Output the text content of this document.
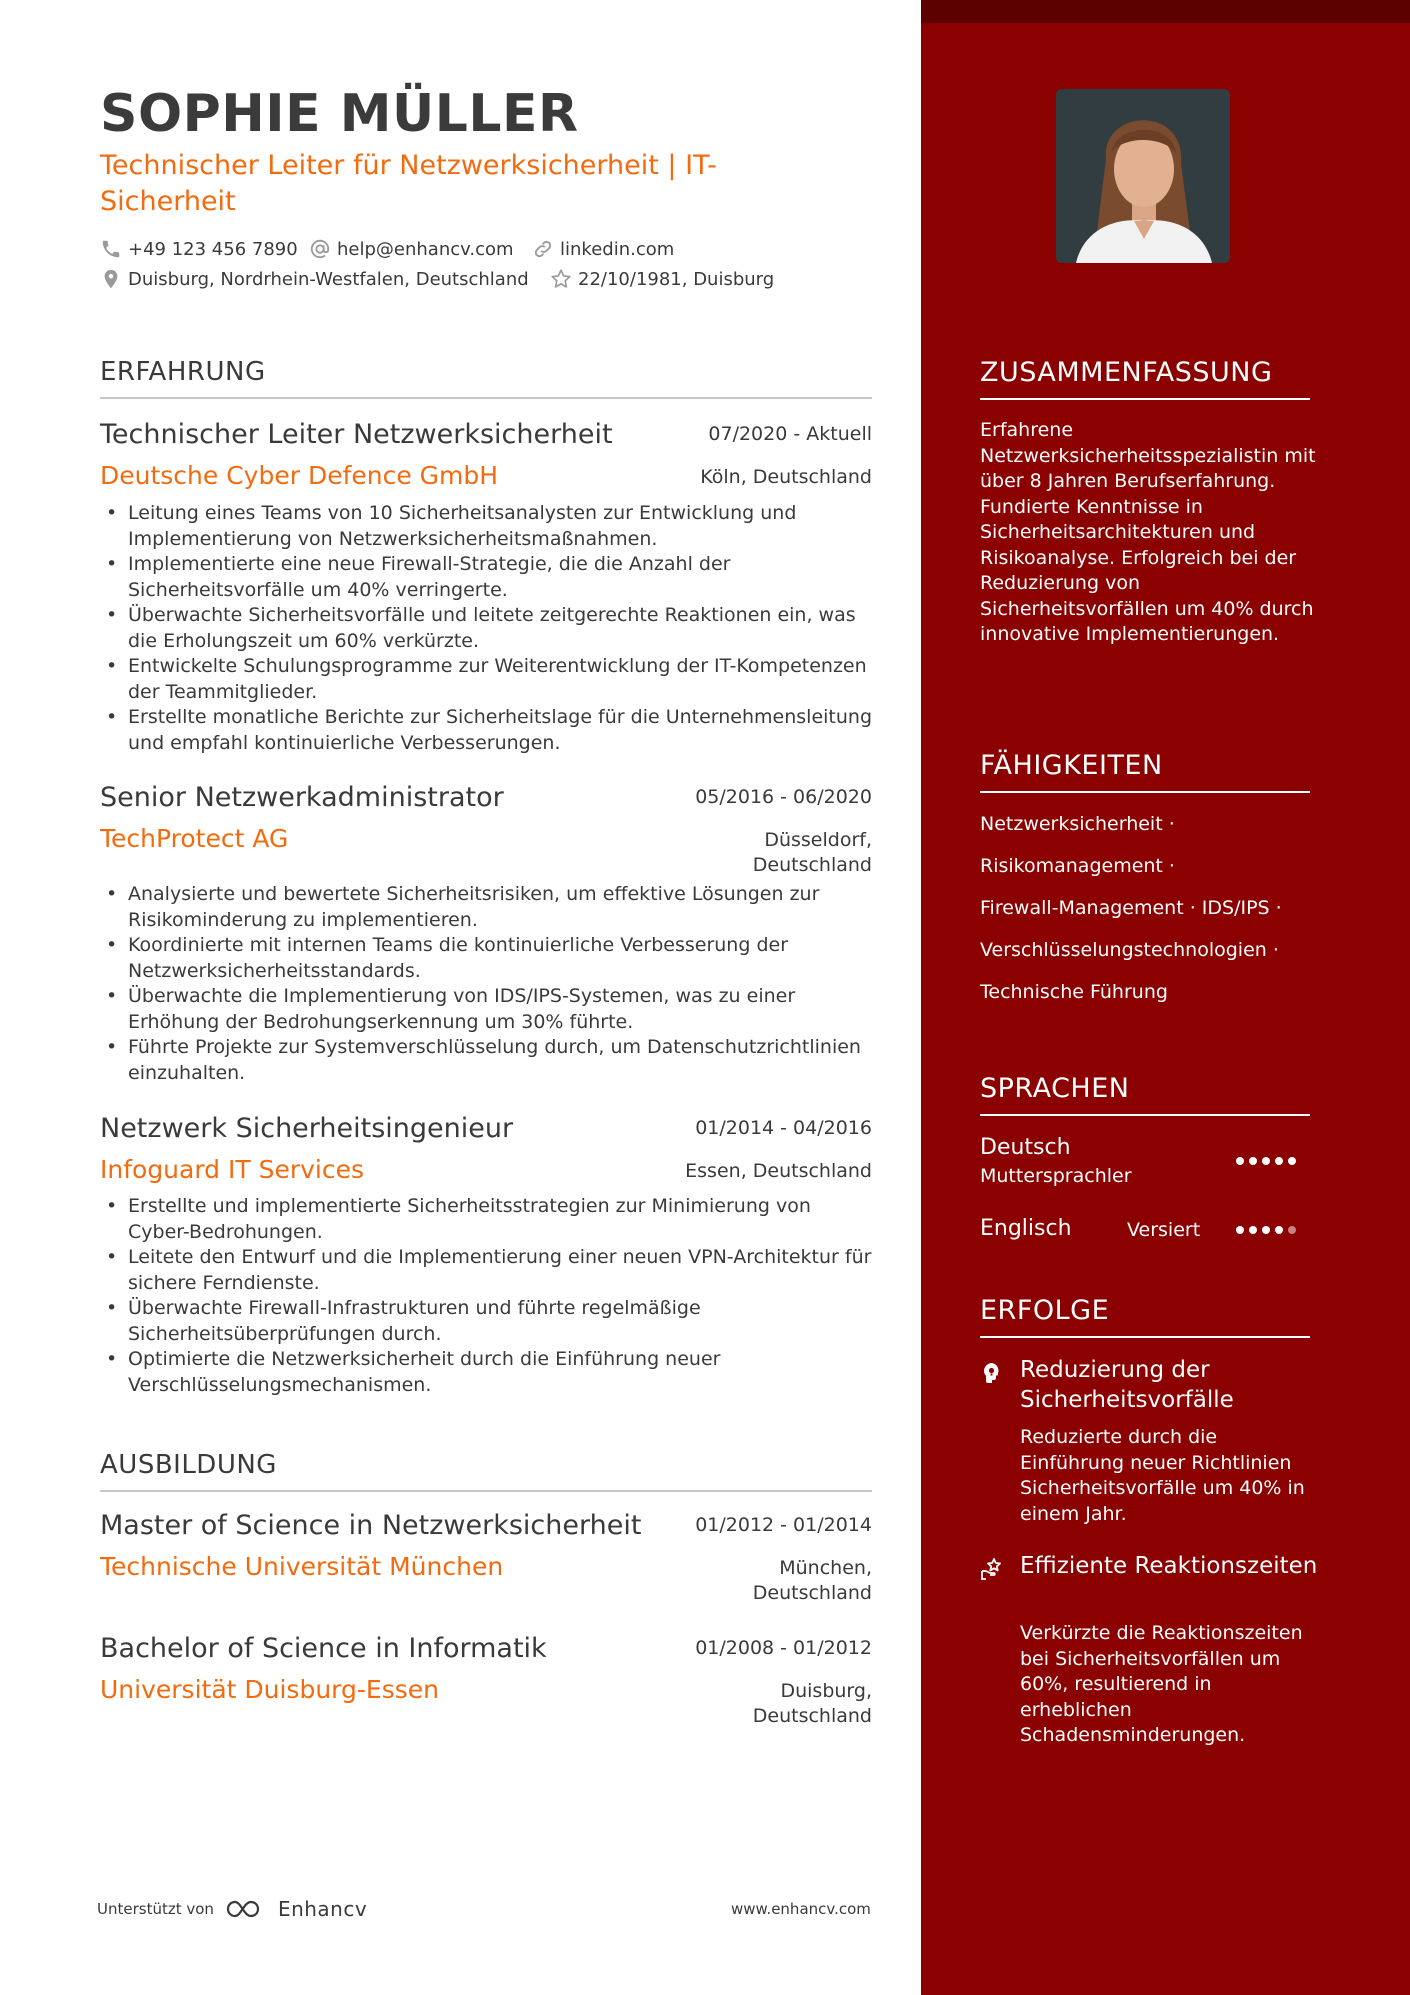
SOPHIE MÜLLER
Technischer Leiter für Netzwerksicherheit | IT-Sicherheit
+49 123 456 7890 help@enhancv.com	linkedin.com
Duisburg, Nordrhein-Westfalen, Deutschland	22/10/1981, Duisburg
ERFAHRUNG
Technischer Leiter Netzwerksicherheit	07/2020 - Aktuell
Deutsche Cyber Defence GmbH	Köln, Deutschland
• Leitung eines Teams von 10 Sicherheitsanalysten zur Entwicklung und Implementierung von Netzwerksicherheitsmaßnahmen.
• Implementierte eine neue Firewall-Strategie, die die Anzahl der Sicherheitsvorfälle um 40% verringerte.
• Überwachte Sicherheitsvorfälle und leitete zeitgerechte Reaktionen ein, was die Erholungszeit um 60% verkürzte.
• Entwickelte Schulungsprogramme zur Weiterentwicklung der IT-Kompetenzen der Teammitglieder.
• Erstellte monatliche Berichte zur Sicherheitslage für die Unternehmensleitung und empfahl kontinuierliche Verbesserungen.
Senior Netzwerkadministrator	05/2016 - 06/2020
TechProtect AG	Düsseldorf,
Deutschland
• Analysierte und bewertete Sicherheitsrisiken, um effektive Lösungen zur Risikominderung zu implementieren.
• Koordinierte mit internen Teams die kontinuierliche Verbesserung der Netzwerksicherheitsstandards.
• Überwachte die Implementierung von IDS/IPS-Systemen, was zu einer Erhöhung der Bedrohungserkennung um 30% führte.
• Führte Projekte zur Systemverschlüsselung durch, um Datenschutzrichtlinien einzuhalten.
Netzwerk Sicherheitsingenieur	01/2014 - 04/2016
Infoguard IT Services	Essen, Deutschland
• Erstellte und implementierte Sicherheitsstrategien zur Minimierung von Cyber-Bedrohungen.
• Leitete den Entwurf und die Implementierung einer neuen VPN-Architektur für sichere Ferndienste.
• Überwachte Firewall-Infrastrukturen und führte regelmäßige Sicherheitsüberprüfungen durch.
• Optimierte die Netzwerksicherheit durch die Einführung neuer Verschlüsselungsmechanismen.
AUSBILDUNG
Master of Science in Netzwerksicherheit	01/2012 - 01/2014
Technische Universität München	München,
Deutschland
Bachelor of Science in Informatik	01/2008 - 01/2012
Universität Duisburg-Essen	Duisburg,
Deutschland
Unterstützt von	Enhancv	www.enhancv.com
ZUSAMMENFASSUNG
Erfahrene Netzwerksicherheitsspezialistin mit über 8 Jahren Berufserfahrung. Fundierte Kenntnisse in Sicherheitsarchitekturen und Risikoanalyse. Erfolgreich bei der Reduzierung von Sicherheitsvorfällen um 40% durch innovative Implementierungen.
FÄHIGKEITEN
Netzwerksicherheit ·
Risikomanagement ·
Firewall-Management · IDS/IPS ·
Verschlüsselungstechnologien ·
Technische Führung
SPRACHEN
Deutsch
Muttersprachler
Englisch	Versiert
ERFOLGE
Reduzierung der Sicherheitsvorfälle
Reduzierte durch die Einführung neuer Richtlinien Sicherheitsvorfälle um 40% in einem Jahr.
Effiziente Reaktionszeiten
Verkürzte die Reaktionszeiten bei Sicherheitsvorfällen um 60%, resultierend in erheblichen Schadensminderungen.
